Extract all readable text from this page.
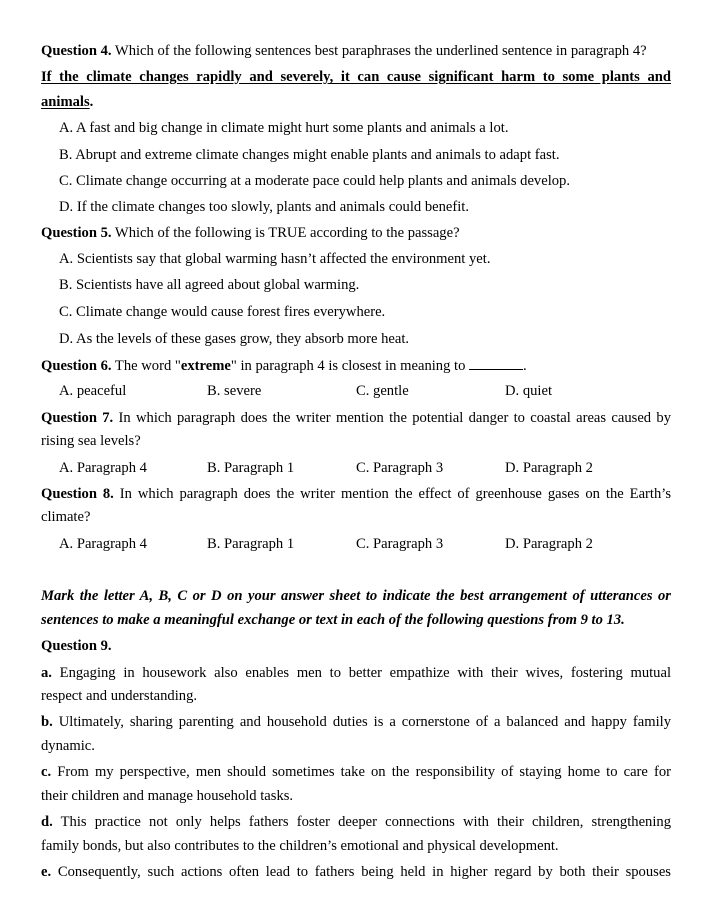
Question 4. Which of the following sentences best paraphrases the underlined sentence in paragraph 4?
If the climate changes rapidly and severely, it can cause significant harm to some plants and
animals.
A. A fast and big change in climate might hurt some plants and animals a lot.
B. Abrupt and extreme climate changes might enable plants and animals to adapt fast.
C. Climate change occurring at a moderate pace could help plants and animals develop.
D. If the climate changes too slowly, plants and animals could benefit.
Question 5. Which of the following is TRUE according to the passage?
A. Scientists say that global warming hasn’t affected the environment yet.
B. Scientists have all agreed about global warming.
C. Climate change would cause forest fires everywhere.
D. As the levels of these gases grow, they absorb more heat.
Question 6. The word "extreme" in paragraph 4 is closest in meaning to	.
A. peaceful	B. severe	C. gentle	D. quiet
Question 7. In which paragraph does the writer mention the potential danger to coastal areas caused by
rising sea levels?
A. Paragraph 4	B. Paragraph 1	C. Paragraph 3	D. Paragraph 2
Question 8. In which paragraph does the writer mention the effect of greenhouse gases on the Earth’s
climate?
A. Paragraph 4	B. Paragraph 1	C. Paragraph 3	D. Paragraph 2
Mark the letter A, B, C or D on your answer sheet to indicate the best arrangement of utterances or
sentences to make a meaningful exchange or text in each of the following questions from 9 to 13.
Question 9.
a. Engaging in housework also enables men to better empathize with their wives, fostering mutual
respect and understanding.
b. Ultimately, sharing parenting and household duties is a cornerstone of a balanced and happy family
dynamic.
c. From my perspective, men should sometimes take on the responsibility of staying home to care for
their children and manage household tasks.
d. This practice not only helps fathers foster deeper connections with their children, strengthening
family bonds, but also contributes to the children’s emotional and physical development.
e. Consequently, such actions often lead to fathers being held in higher regard by both their spouses
